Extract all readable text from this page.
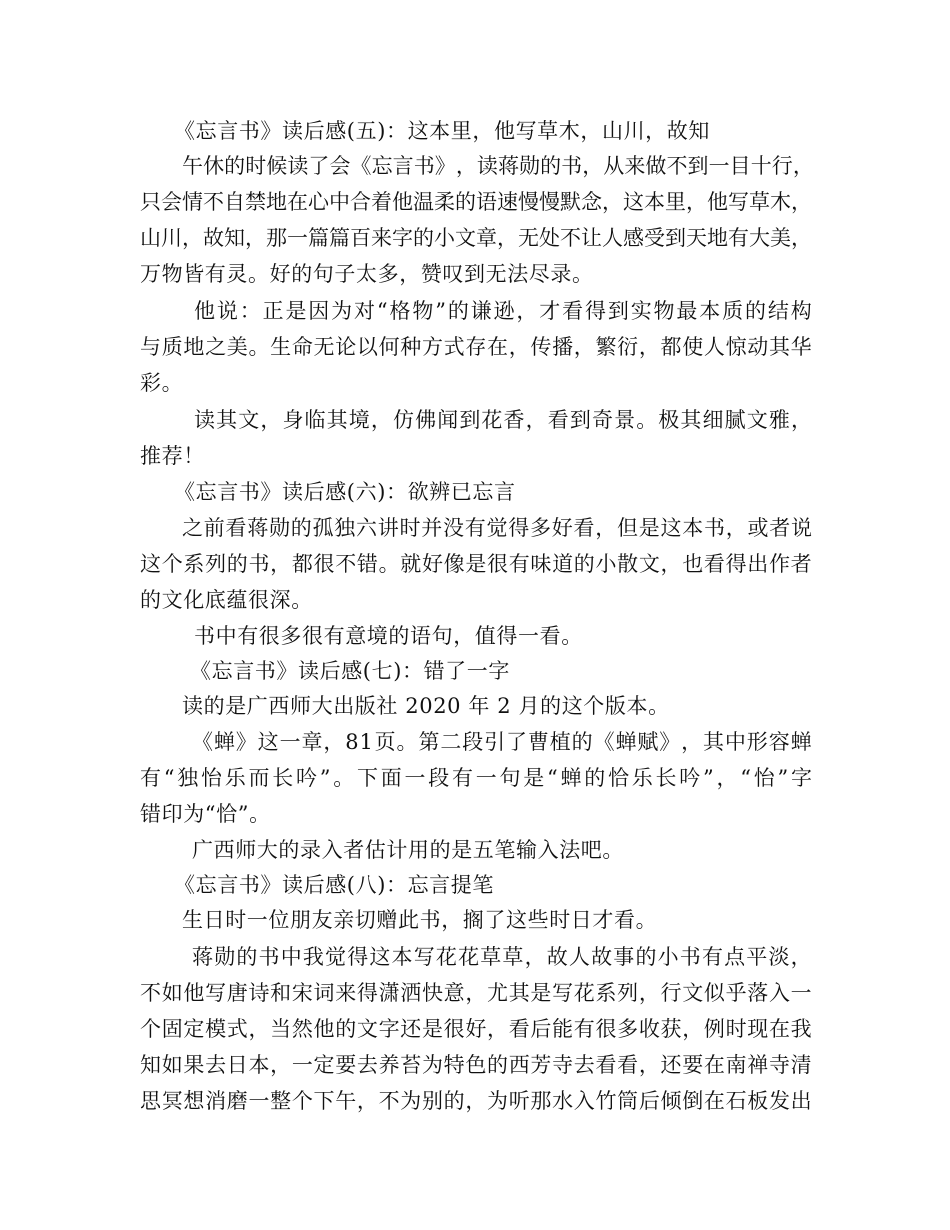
《忘言书》读后感(五)：这本里，他写草木，山川，故知
午 休 的 时 候 读 了 会 《 忘 言 书 》 ， 读 蒋 勋 的 书 ， 从 来 做 不 到 一 目 十 行 ，
只 会 情 不 自 禁 地 在 心 中 合 着 他 温 柔 的 语 速 慢 慢 默 念 ， 这 本 里 ， 他 写 草 木 ，
山 川 ， 故 知 ， 那 一 篇 篇 百 来 字 的 小 文 章 ， 无 处 不 让 人 感 受 到 天 地 有 大 美 ，
万物皆有灵。好的句子太多，赞叹到无法尽录。
他 说 ： 正 是 因 为 对 “ 格 物 ” 的 谦 逊 ， 才 看 得 到 实 物 最 本 质 的 结 构
与 质 地 之 美 。 生 命 无 论 以 何 种 方 式 存 在 ， 传 播 ， 繁 衍 ， 都 使 人 惊 动 其 华
彩。
读 其 文 ， 身 临 其 境 ， 仿 佛 闻 到 花 香 ， 看 到 奇 景 。 极 其 细 腻 文 雅 ，
推荐！
《忘言书》读后感(六)：欲辨已忘言
之 前 看 蒋 勋 的 孤 独 六 讲 时 并 没 有 觉 得 多 好 看 ， 但 是 这 本 书 ， 或 者 说
这 个 系 列 的 书 ， 都 很 不 错 。 就 好 像 是 很 有 味 道 的 小 散 文 ， 也 看 得 出 作 者
的文化底蕴很深。
书中有很多很有意境的语句，值得一看。
《忘言书》读后感(七)：错了一字
读的是广西师大出版社 2020 年 2 月的这个版本。
《 蝉 》 这 一 章 ， 8 1 页 。 第 二 段 引 了 曹 植 的 《 蝉 赋 》 ， 其 中 形 容 蝉
有 “ 独 怡 乐 而 长 吟 ” 。 下 面 一 段 有 一 句 是 “ 蝉 的 恰 乐 长 吟 ” ， “ 怡 ” 字
错印为“恰”。
广西师大的录入者估计用的是五笔输入法吧。
《忘言书》读后感(八)：忘言提笔
生日时一位朋友亲切赠此书，搁了这些时日才看。
蒋 勋 的 书 中 我 觉 得 这 本 写 花 花 草 草 ， 故 人 故 事 的 小 书 有 点 平 淡 ，
不 如 他 写 唐 诗 和 宋 词 来 得 潇 洒 快 意 ， 尤 其 是 写 花 系 列 ， 行 文 似 乎 落 入 一
个 固 定 模 式 ， 当 然 他 的 文 字 还 是 很 好 ， 看 后 能 有 很 多 收 获 ， 例 时 现 在 我
知 如 果 去 日 本 ， 一 定 要 去 养 苔 为 特 色 的 西 芳 寺 去 看 看 ， 还 要 在 南 禅 寺 清
思 冥 想 消 磨 一 整 个 下 午 ， 不 为 别 的 ， 为 听 那 水 入 竹 筒 后 倾 倒 在 石 板 发 出
